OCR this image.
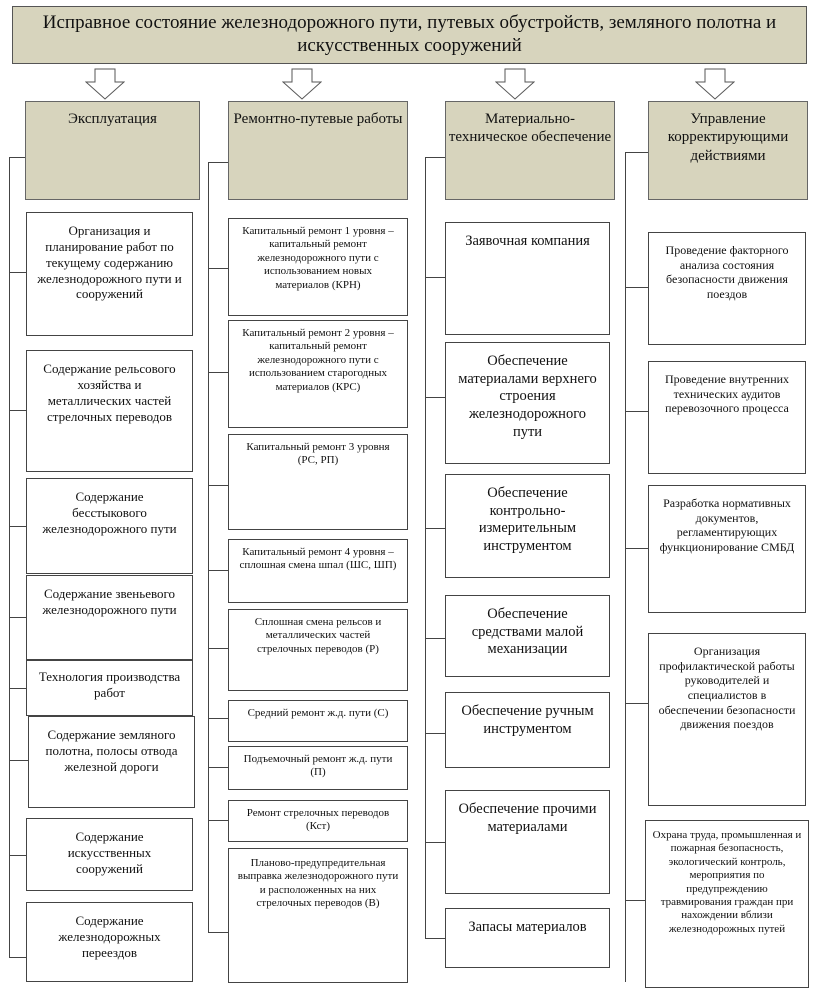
Исправное состояние железнодорожного пути, путевых обустройств, земляного полотна и искусственных сооружений
Эксплуатация
Организация и планирование работ по текущему содержанию железнодорожного пути и сооружений
Содержание рельсового хозяйства и металлических частей стрелочных переводов
Содержание бесстыкового железнодорожного пути
Содержание звеньевого железнодорожного пути
Технология производства работ
Содержание земляного полотна, полосы отвода железной дороги
Содержание искусственных сооружений
Содержание железнодорожных переездов
Ремонтно-путевые работы
Капитальный ремонт 1 уровня – капитальный ремонт железнодорожного пути с использованием новых материалов (КРН)
Капитальный ремонт 2 уровня – капитальный ремонт железнодорожного пути с использованием старогодных материалов (КРС)
Капитальный ремонт 3 уровня (РС, РП)
Капитальный ремонт 4 уровня – сплошная смена шпал (ШС, ШП)
Сплошная смена рельсов и металлических частей стрелочных переводов (Р)
Средний ремонт ж.д. пути (С)
Подъемочный ремонт ж.д. пути (П)
Ремонт стрелочных переводов (Кст)
Планово-предупредительная выправка железнодорожного пути и расположенных на них стрелочных переводов (В)
Материально-техническое обеспечение
Заявочная компания
Обеспечение материалами верхнего строения железнодорожного пути
Обеспечение контрольно-измерительным инструментом
Обеспечение средствами малой механизации
Обеспечение ручным инструментом
Обеспечение прочими материалами
Запасы материалов
Управление корректирующими действиями
Проведение факторного анализа состояния безопасности движения поездов
Проведение внутренних технических аудитов перевозочного процесса
Разработка нормативных документов, регламентирующих функционирование СМБД
Организация профилактической работы руководителей и специалистов в обеспечении безопасности движения поездов
Охрана труда, промышленная и пожарная безопасность, экологический контроль, мероприятия по предупреждению травмирования граждан при нахождении вблизи железнодорожных путей
